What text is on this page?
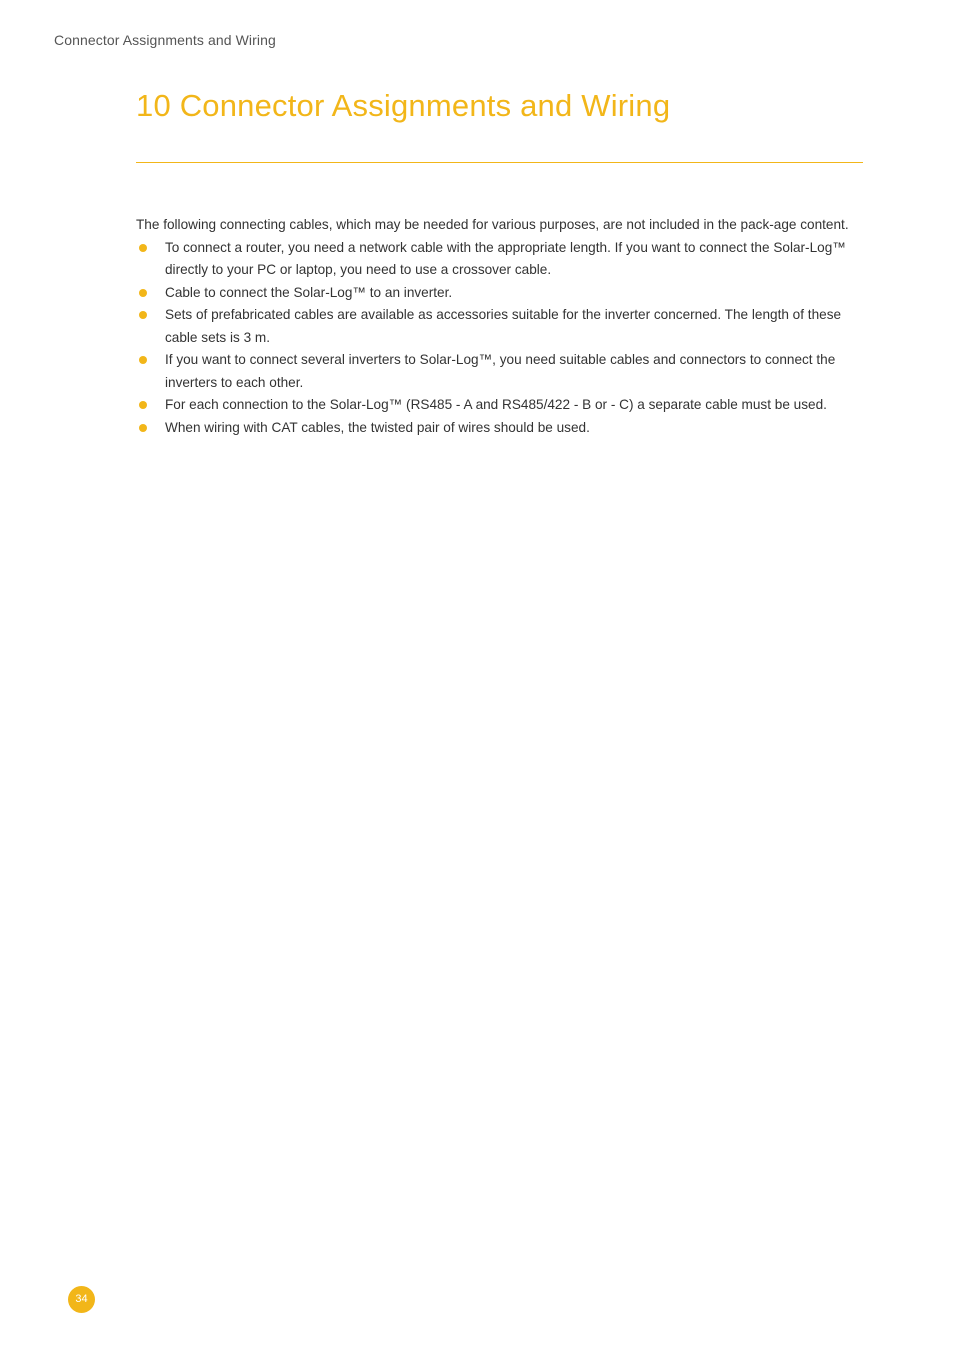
Connector Assignments and Wiring
10 Connector Assignments and Wiring

The following connecting cables, which may be needed for various purposes, are not included in the pack-age content.

To connect a router, you need a network cable with the appropriate length. If you want to connect the Solar-Log™ directly to your PC or laptop, you need to use a crossover cable.
Cable to connect the Solar-Log™ to an inverter.
Sets of prefabricated cables are available as accessories suitable for the inverter concerned. The length of these cable sets is 3 m.
If you want to connect several inverters to Solar-Log™, you need suitable cables and connectors to connect the inverters to each other.
For each connection to the Solar-Log™ (RS485 - A and RS485/422 - B or - C) a separate cable must be used.
When wiring with CAT cables, the twisted pair of wires should be used.
34
